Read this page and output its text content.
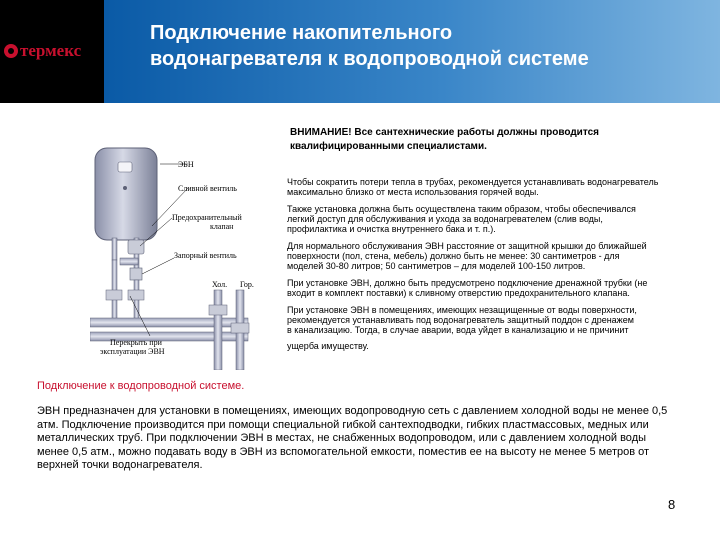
термекс
Подключение накопительного
водонагревателя к водопроводной системе
ВНИМАНИЕ! Все сантехнические работы должны проводится
квалифицированными специалистами.
ЭБН
Сливной вентиль
Предохранительный
клапан
Запорный вентиль
Хол. Гор.
Перекрыть при
эксплуатации ЭВН
Чтобы сократить потери тепла в трубах, рекомендуется устанавливать водонагреватель
максимально близко от места использования горячей воды.
Также установка должна быть осуществлена таким образом, чтобы обеспечивался
легкий доступ для обслуживания и ухода за водонагревателем (слив воды,
профилактика и очистка внутреннего бака и т. п.).
Для нормального обслуживания ЭВН расстояние от защитной крышки до ближайшей
поверхности (пол, стена, мебель) должно быть не менее: 30 сантиметров - для
моделей 30-80 литров; 50 сантиметров – для моделей 100-150 литров.
При установке ЭВН, должно быть предусмотрено подключение дренажной трубки (не
входит в комплект поставки) к сливному отверстию предохранительного клапана.
При установке ЭВН в помещениях, имеющих незащищенные от воды поверхности,
рекомендуется устанавливать под водонагреватель защитный поддон с дренажем
в канализацию. Тогда, в случае аварии, вода уйдет в канализацию и не причинит
ущерба имуществу.
Подключение к водопроводной системе.
ЭВН предназначен для установки в помещениях, имеющих водопроводную сеть с давлением холодной воды не менее 0,5 атм. Подключение производится при помощи специальной гибкой сантехподводки, гибких пластмассовых, медных или металлических труб. При подключении ЭВН в местах, не снабженных водопроводом, или с давлением холодной воды менее 0,5 атм., можно подавать воду в ЭВН из вспомогательной емкости, поместив ее на высоту не менее 5 метров от верхней точки водонагревателя.
8
